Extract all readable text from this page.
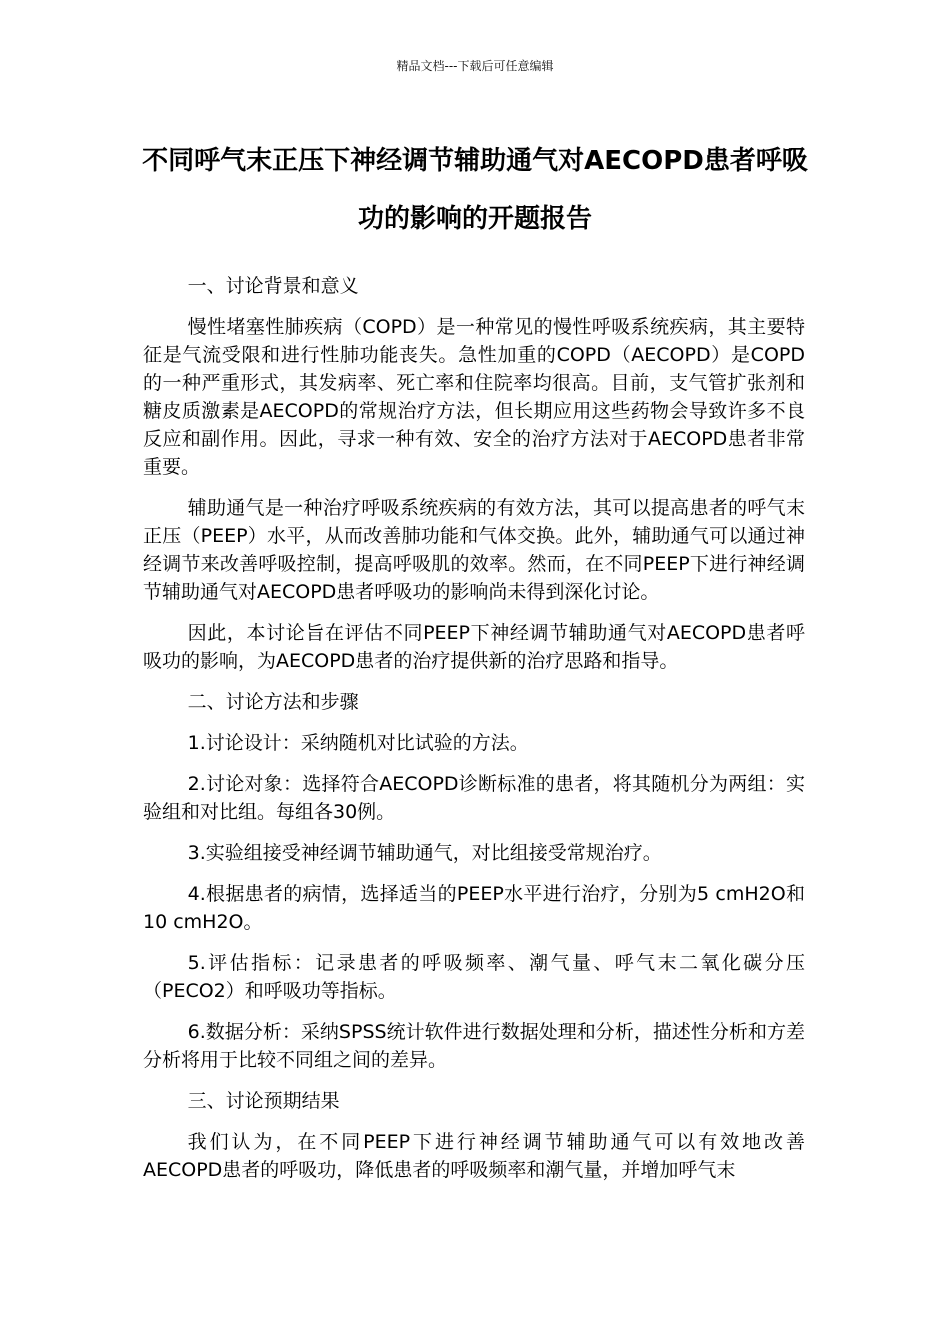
精品文档---下载后可任意编辑
不同呼气末正压下神经调节辅助通气对AECOPD患者呼吸功的影响的开题报告

一、讨论背景和意义

慢性堵塞性肺疾病（COPD）是一种常见的慢性呼吸系统疾病，其主要特征是气流受限和进行性肺功能丧失。急性加重的COPD（AECOPD）是COPD的一种严重形式，其发病率、死亡率和住院率均很高。目前，支气管扩张剂和糖皮质激素是AECOPD的常规治疗方法，但长期应用这些药物会导致许多不良反应和副作用。因此，寻求一种有效、安全的治疗方法对于AECOPD患者非常重要。

辅助通气是一种治疗呼吸系统疾病的有效方法，其可以提高患者的呼气末正压（PEEP）水平，从而改善肺功能和气体交换。此外，辅助通气可以通过神经调节来改善呼吸控制，提高呼吸肌的效率。然而，在不同PEEP下进行神经调节辅助通气对AECOPD患者呼吸功的影响尚未得到深化讨论。

因此，本讨论旨在评估不同PEEP下神经调节辅助通气对AECOPD患者呼吸功的影响，为AECOPD患者的治疗提供新的治疗思路和指导。

二、讨论方法和步骤

1.讨论设计：采纳随机对比试验的方法。

2.讨论对象：选择符合AECOPD诊断标准的患者，将其随机分为两组：实验组和对比组。每组各30例。

3.实验组接受神经调节辅助通气，对比组接受常规治疗。

4.根据患者的病情，选择适当的PEEP水平进行治疗，分别为5 cmH2O和10 cmH2O。

5.评估指标：记录患者的呼吸频率、潮气量、呼气末二氧化碳分压（PECO2）和呼吸功等指标。

6.数据分析：采纳SPSS统计软件进行数据处理和分析，描述性分析和方差分析将用于比较不同组之间的差异。

三、讨论预期结果

我们认为，在不同PEEP下进行神经调节辅助通气可以有效地改善AECOPD患者的呼吸功，降低患者的呼吸频率和潮气量，并增加呼气末
